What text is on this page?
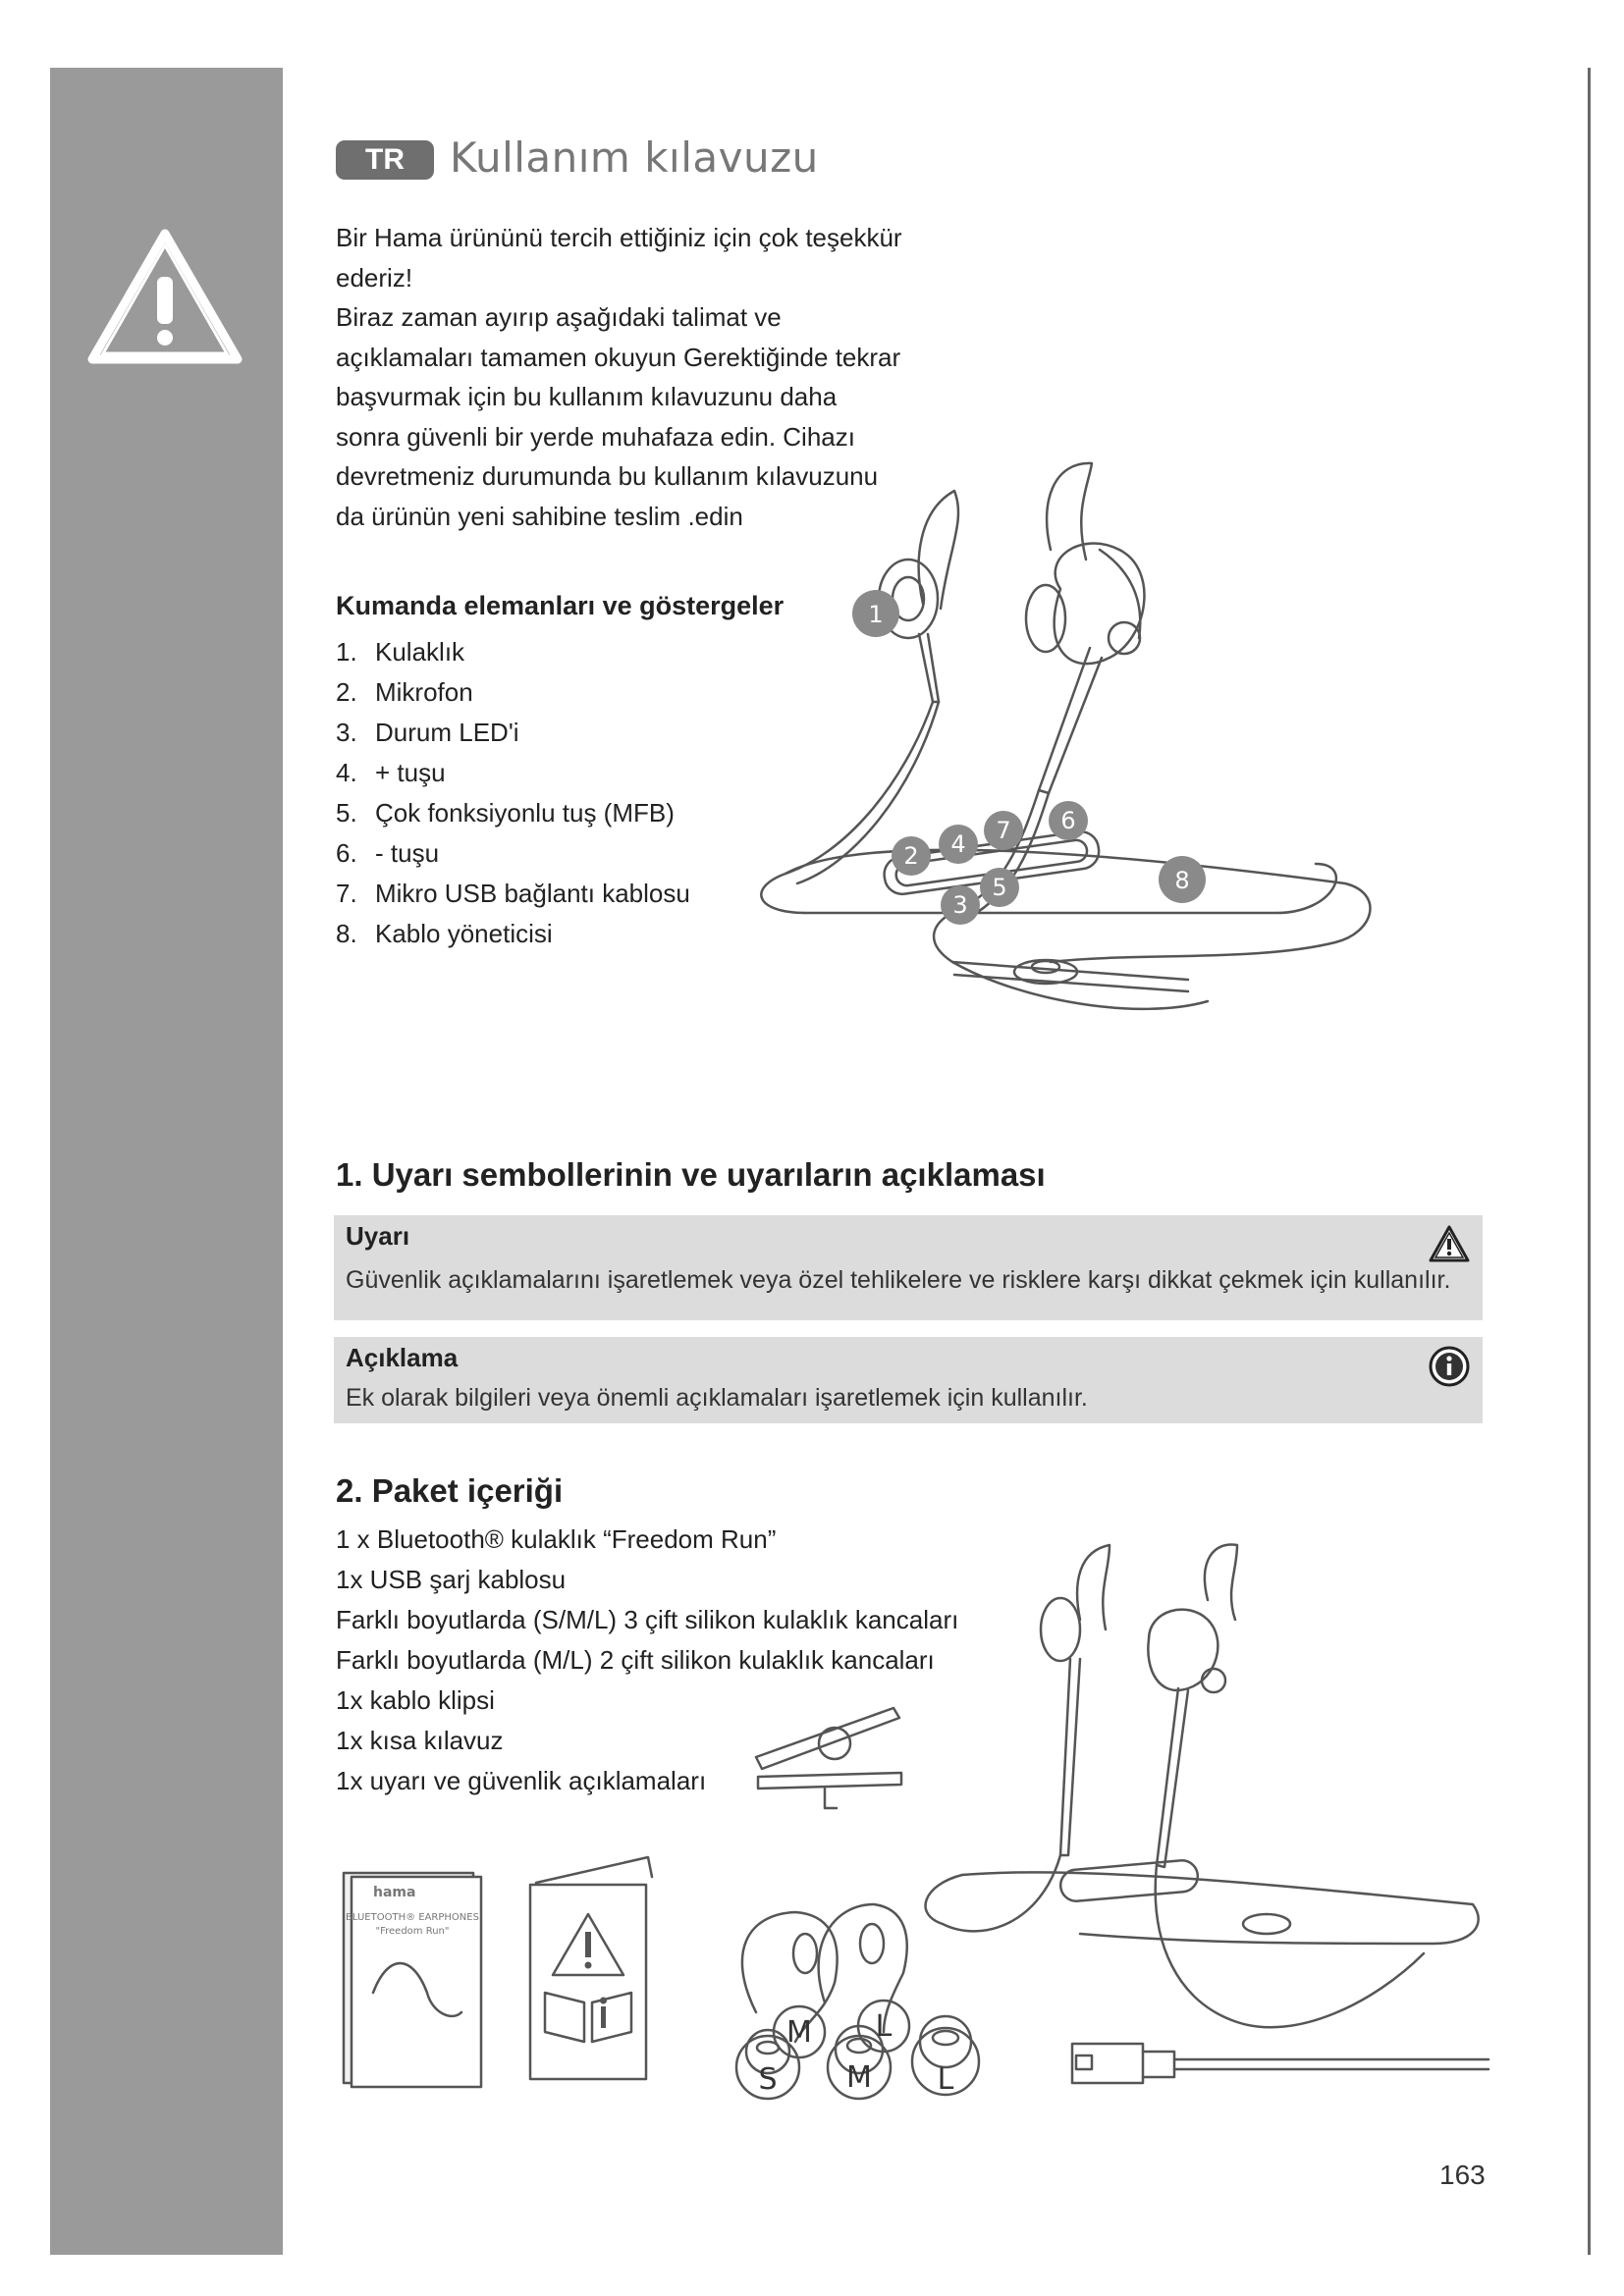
TR	Kullanım kılavuzu

Bir Hama ürününü tercih ettiğiniz için çok teşekkür

ederiz!

Biraz zaman ayırıp aşağıdaki talimat ve

açıklamaları tamamen okuyun Gerektiğinde tekrar

başvurmak için bu kullanım kılavuzunu daha

sonra güvenli bir yerde muhafaza edin. Cihazı

devretmeniz durumunda bu kullanım kılavuzunu

da ürünün yeni sahibine teslim .edin

Kumanda elemanları ve göstergeler
1. Kulaklık
2. Mikrofon
3. Durum LED'i
4. + tuşu
5. Çok fonksiyonlu tuş (MFB)
6. - tuşu
7. Mikro USB bağlantı kablosu
8. Kablo yöneticisi
1
2
3
4
5
6
7
8
1. Uyarı sembollerinin ve uyarıların açıklaması
Uyarı
Güvenlik açıklamalarını işaretlemek veya özel tehlikelere ve risklere karşı dikkat çekmek için kullanılır.
Açıklama
Ek olarak bilgileri veya önemli açıklamaları işaretlemek için kullanılır.
2. Paket içeriği
1 x Bluetooth® kulaklık “Freedom Run”
1x USB şarj kablosu
Farklı boyutlarda (S/M/L) 3 çift silikon kulaklık kancaları
Farklı boyutlarda (M/L) 2 çift silikon kulaklık kancaları
1x kablo klipsi
1x kısa kılavuz
1x uyarı ve güvenlik açıklamaları
hama
BLUETOOTH® EARPHONES
"Freedom Run"
M L
S M L
163
